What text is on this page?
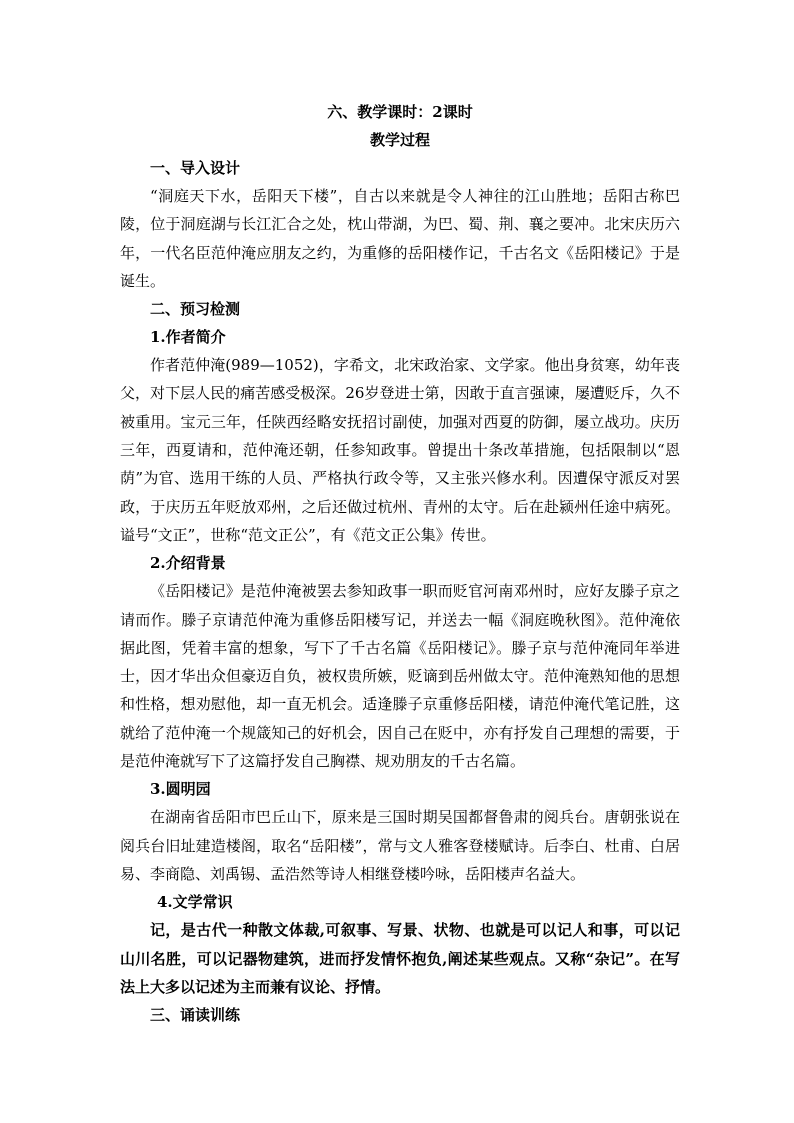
六、教学课时：2课时
教学过程
一、导入设计

“洞庭天下水，岳阳天下楼”，自古以来就是令人神往的江山胜地；岳阳古称巴陵，位于洞庭湖与长江汇合之处，枕山带湖，为巴、蜀、荆、襄之要冲。北宋庆历六年，一代名臣范仲淹应朋友之约，为重修的岳阳楼作记，千古名文《岳阳楼记》于是诞生。

二、预习检测
1.作者简介

作者范仲淹(989—1052)，字希文，北宋政治家、文学家。他出身贫寒，幼年丧父，对下层人民的痛苦感受极深。26岁登进士第，因敢于直言强谏，屡遭贬斥，久不被重用。宝元三年，任陕西经略安抚招讨副使，加强对西夏的防御，屡立战功。庆历三年，西夏请和，范仲淹还朝，任参知政事。曾提出十条改革措施，包括限制以“恩荫”为官、选用干练的人员、严格执行政令等，又主张兴修水利。因遭保守派反对罢政，于庆历五年贬放邓州，之后还做过杭州、青州的太守。后在赴颍州任途中病死。谥号“文正”，世称“范文正公”，有《范文正公集》传世。

2.介绍背景

《岳阳楼记》是范仲淹被罢去参知政事一职而贬官河南邓州时，应好友滕子京之请而作。滕子京请范仲淹为重修岳阳楼写记，并送去一幅《洞庭晚秋图》。范仲淹依据此图，凭着丰富的想象，写下了千古名篇《岳阳楼记》。滕子京与范仲淹同年举进士，因才华出众但豪迈自负，被权贵所嫉，贬谪到岳州做太守。范仲淹熟知他的思想和性格，想劝慰他，却一直无机会。适逢滕子京重修岳阳楼，请范仲淹代笔记胜，这就给了范仲淹一个规箴知己的好机会，因自己在贬中，亦有抒发自己理想的需要，于是范仲淹就写下了这篇抒发自己胸襟、规劝朋友的千古名篇。

3.圆明园

在湖南省岳阳市巴丘山下，原来是三国时期吴国都督鲁肃的阅兵台。唐朝张说在阅兵台旧址建造楼阁，取名“岳阳楼”，常与文人雅客登楼赋诗。后李白、杜甫、白居易、李商隐、刘禹锡、孟浩然等诗人相继登楼吟咏，岳阳楼声名益大。

4.文学常识

记，是古代一种散文体裁,可叙事、写景、状物、也就是可以记人和事，可以记山川名胜，可以记器物建筑，进而抒发情怀抱负,阐述某些观点。又称“杂记”。在写法上大多以记述为主而兼有议论、抒情。

三、诵读训练
